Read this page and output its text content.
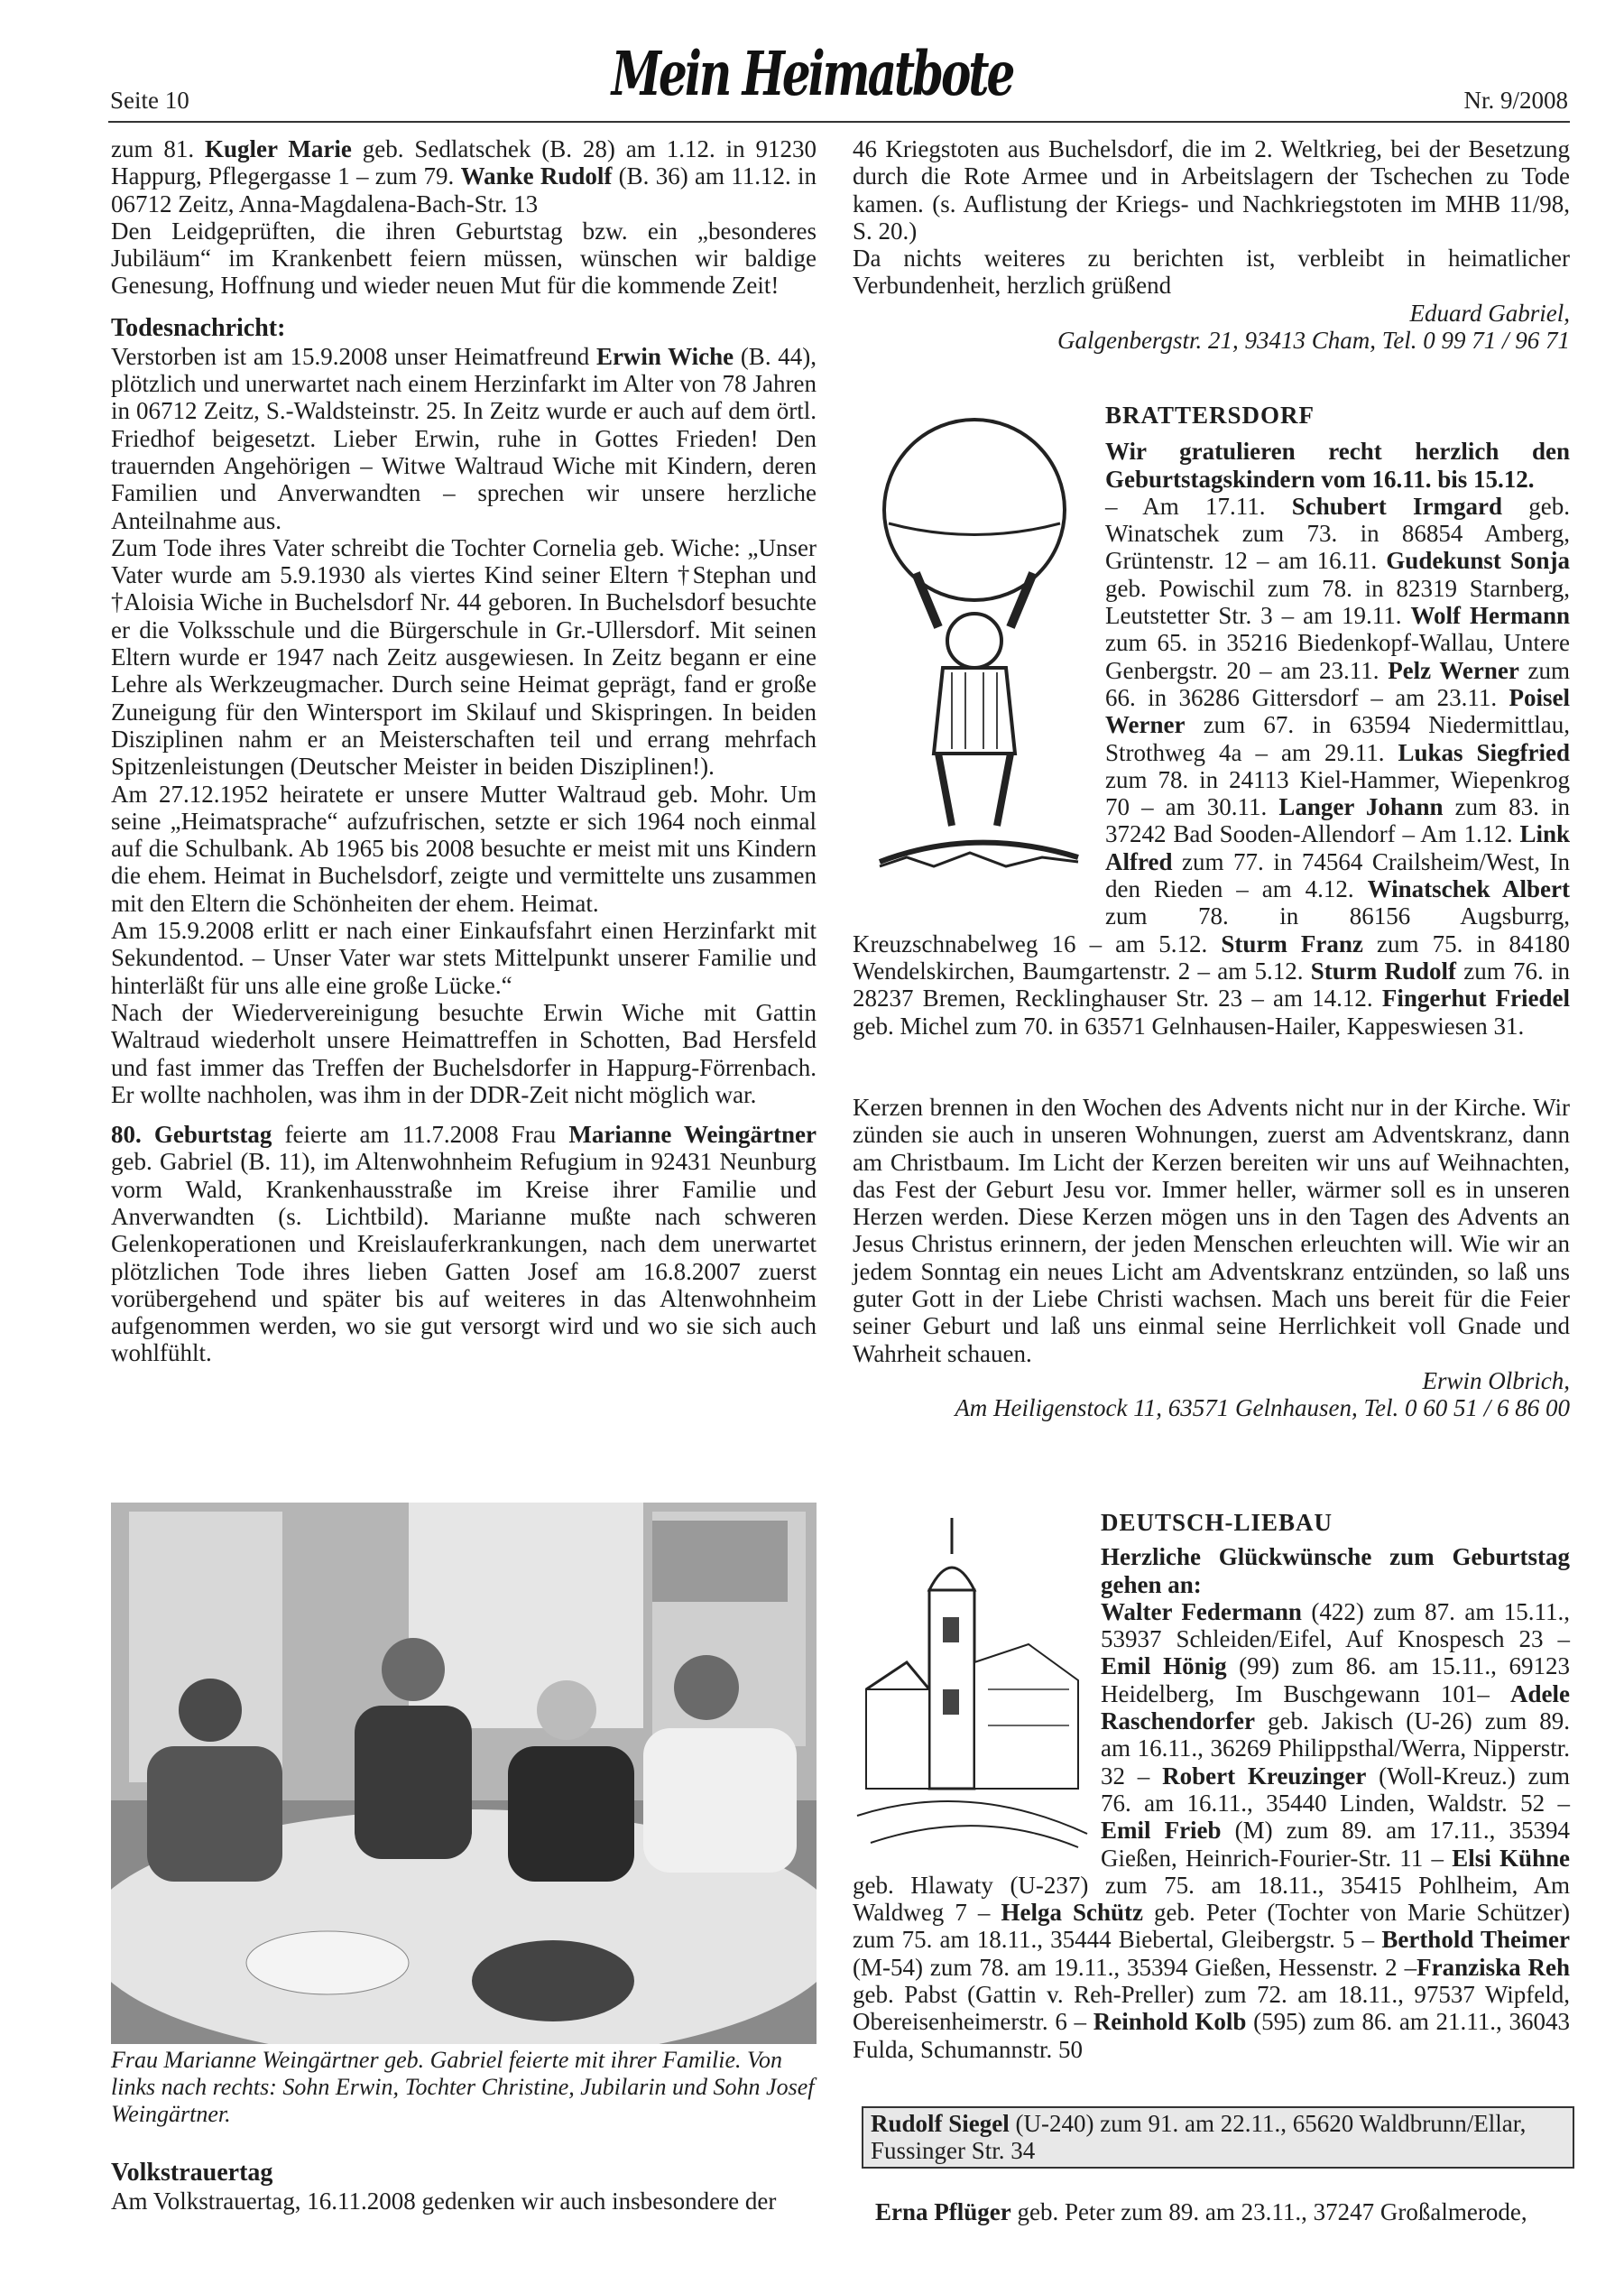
Seite 10	Mein Heimatbote	Nr. 9/2008

zum 81. Kugler Marie geb. Sedlatschek (B. 28) am 1.12. in 91230 Happurg, Pflegergasse 1 – zum 79. Wanke Rudolf (B. 36) am 11.12. in 06712 Zeitz, Anna-Magdalena-Bach-Str. 13

Den Leidgeprüften, die ihren Geburtstag bzw. ein „besonderes Jubiläum“ im Krankenbett feiern müssen, wünschen wir baldige Genesung, Hoffnung und wieder neuen Mut für die kommende Zeit!

Todesnachricht:

Verstorben ist am 15.9.2008 unser Heimatfreund Erwin Wiche (B. 44), plötzlich und unerwartet nach einem Herzinfarkt im Alter von 78 Jahren in 06712 Zeitz, S.-Waldsteinstr. 25. In Zeitz wurde er auch auf dem örtl. Friedhof beigesetzt. Lieber Erwin, ruhe in Gottes Frieden! Den trauernden Angehörigen – Witwe Waltraud Wiche mit Kindern, deren Familien und Anverwandten – sprechen wir unsere herzliche Anteilnahme aus.

Zum Tode ihres Vater schreibt die Tochter Cornelia geb. Wiche: „Unser Vater wurde am 5.9.1930 als viertes Kind seiner Eltern †Stephan und †Aloisia Wiche in Buchelsdorf Nr. 44 geboren. In Buchelsdorf besuchte er die Volksschule und die Bürgerschule in Gr.-Ullersdorf. Mit seinen Eltern wurde er 1947 nach Zeitz ausgewiesen. In Zeitz begann er eine Lehre als Werkzeugmacher. Durch seine Heimat geprägt, fand er große Zuneigung für den Wintersport im Skilauf und Skispringen. In beiden Disziplinen nahm er an Meisterschaften teil und errang mehrfach Spitzenleistungen (Deutscher Meister in beiden Disziplinen!).

Am 27.12.1952 heiratete er unsere Mutter Waltraud geb. Mohr. Um seine „Heimatsprache“ aufzufrischen, setzte er sich 1964 noch einmal auf die Schulbank. Ab 1965 bis 2008 besuchte er meist mit uns Kindern die ehem. Heimat in Buchelsdorf, zeigte und vermittelte uns zusammen mit den Eltern die Schönheiten der ehem. Heimat.

Am 15.9.2008 erlitt er nach einer Einkaufsfahrt einen Herzinfarkt mit Sekundentod. – Unser Vater war stets Mittelpunkt unserer Familie und hinterläßt für uns alle eine große Lücke.“

Nach der Wiedervereinigung besuchte Erwin Wiche mit Gattin Waltraud wiederholt unsere Heimattreffen in Schotten, Bad Hersfeld und fast immer das Treffen der Buchelsdorfer in Happurg-Förrenbach. Er wollte nachholen, was ihm in der DDR-Zeit nicht möglich war.

80. Geburtstag feierte am 11.7.2008 Frau Marianne Weingärtner geb. Gabriel (B. 11), im Altenwohnheim Refugium in 92431 Neunburg vorm Wald, Krankenhausstraße im Kreise ihrer Familie und Anverwandten (s. Lichtbild). Marianne mußte nach schweren Gelenkoperationen und Kreislauferkrankungen, nach dem unerwartet plötzlichen Tode ihres lieben Gatten Josef am 16.8.2007 zuerst vorübergehend und später bis auf weiteres in das Altenwohnheim aufgenommen werden, wo sie gut versorgt wird und wo sie sich auch wohlfühlt.

Frau Marianne Weingärtner geb. Gabriel feierte mit ihrer Familie. Von links nach rechts: Sohn Erwin, Tochter Christine, Jubilarin und Sohn Josef Weingärtner.
Volkstrauertag

Am Volkstrauertag, 16.11.2008 gedenken wir auch insbesondere der

46 Kriegstoten aus Buchelsdorf, die im 2. Weltkrieg, bei der Besetzung durch die Rote Armee und in Arbeitslagern der Tschechen zu Tode kamen. (s. Auflistung der Kriegs- und Nachkriegstoten im MHB 11/98, S. 20.)

Da nichts weiteres zu berichten ist, verbleibt in heimatlicher Verbundenheit, herzlich grüßend

Eduard Gabriel,

Galgenbergstr. 21, 93413 Cham, Tel. 0 99 71 / 96 71

BRATTERSDORF

Wir gratulieren recht herzlich den Geburtstagskindern vom 16.11. bis 15.12.

– Am 17.11. Schubert Irmgard geb. Winatschek zum 73. in 86854 Amberg, Grüntenstr. 12 – am 16.11. Gudekunst Sonja geb. Powischil zum 78. in 82319 Starnberg, Leutstetter Str. 3 – am 19.11. Wolf Hermann zum 65. in 35216 Biedenkopf-Wallau, Untere Genbergstr. 20 – am 23.11. Pelz Werner zum 66. in 36286 Gittersdorf – am 23.11. Poisel Werner zum 67. in 63594 Niedermittlau, Strothweg 4a – am 29.11. Lukas Siegfried zum 78. in 24113 Kiel-Hammer, Wiepenkrog 70 – am 30.11. Langer Johann zum 83. in 37242 Bad Sooden-Allendorf – Am 1.12. Link Alfred zum 77. in 74564 Crailsheim/West, In den Rieden – am 4.12. Winatschek Albert zum 78. in 86156 Augsburrg, Kreuzschnabelweg 16 – am 5.12. Sturm Franz zum 75. in 84180 Wendelskirchen, Baumgartenstr. 2 – am 5.12. Sturm Rudolf zum 76. in 28237 Bremen, Recklinghauser Str. 23 – am 14.12. Fingerhut Friedel geb. Michel zum 70. in 63571 Gelnhausen-Hailer, Kappeswiesen 31.

Kerzen brennen in den Wochen des Advents nicht nur in der Kirche. Wir zünden sie auch in unseren Wohnungen, zuerst am Adventskranz, dann am Christbaum. Im Licht der Kerzen bereiten wir uns auf Weihnachten, das Fest der Geburt Jesu vor. Immer heller, wärmer soll es in unseren Herzen werden. Diese Kerzen mögen uns in den Tagen des Advents an Jesus Christus erinnern, der jeden Menschen erleuchten will. Wie wir an jedem Sonntag ein neues Licht am Adventskranz entzünden, so laß uns guter Gott in der Liebe Christi wachsen. Mach uns bereit für die Feier seiner Geburt und laß uns einmal seine Herrlichkeit voll Gnade und Wahrheit schauen.

Erwin Olbrich,

Am Heiligenstock 11, 63571 Gelnhausen, Tel. 0 60 51 / 6 86 00

DEUTSCH-LIEBAU

Herzliche Glückwünsche zum Geburtstag gehen an:

Walter Federmann (422) zum 87. am 15.11., 53937 Schleiden/Eifel, Auf Knospesch 23 – Emil Hönig (99) zum 86. am 15.11., 69123 Heidelberg, Im Buschgewann 101– Adele Raschendorfer geb. Jakisch (U-26) zum 89. am 16.11., 36269 Philippsthal/Werra, Nipperstr. 32 – Robert Kreuzinger (Woll-Kreuz.) zum 76. am 16.11., 35440 Linden, Waldstr. 52 – Emil Frieb (M) zum 89. am 17.11., 35394 Gießen, Heinrich-Fourier-Str. 11 – Elsi Kühne geb. Hlawaty (U-237) zum 75. am 18.11., 35415 Pohlheim, Am Waldweg 7 – Helga Schütz geb. Peter (Tochter von Marie Schützer) zum 75. am 18.11., 35444 Biebertal, Gleibergstr. 5 – Berthold Theimer (M-54) zum 78. am 19.11., 35394 Gießen, Hessenstr. 2 –Franziska Reh geb. Pabst (Gattin v. Reh-Preller) zum 72. am 18.11., 97537 Wipfeld, Obereisenheimerstr. 6 – Reinhold Kolb (595) zum 86. am 21.11., 36043 Fulda, Schumannstr. 50

Rudolf Siegel (U-240) zum 91. am 22.11., 65620 Waldbrunn/Ellar, Fussinger Str. 34

Erna Pflüger geb. Peter zum 89. am 23.11., 37247 Großalmerode,
